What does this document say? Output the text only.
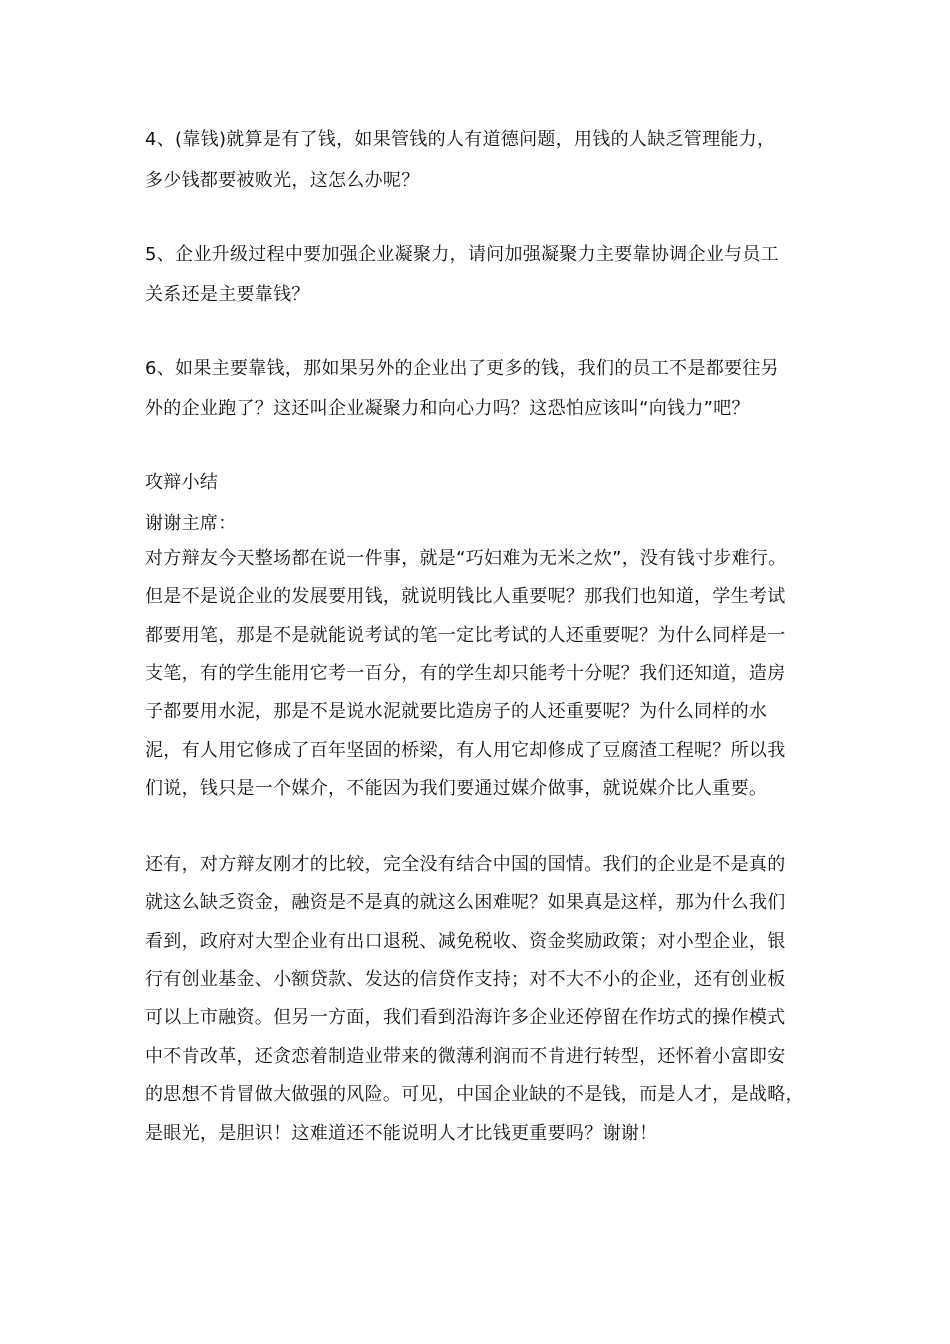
4、(靠钱)就算是有了钱，如果管钱的人有道德问题，用钱的人缺乏管理能力，
多少钱都要被败光，这怎么办呢？
5、企业升级过程中要加强企业凝聚力，请问加强凝聚力主要靠协调企业与员工
关系还是主要靠钱？
6、如果主要靠钱，那如果另外的企业出了更多的钱，我们的员工不是都要往另
外的企业跑了？这还叫企业凝聚力和向心力吗？这恐怕应该叫“向钱力”吧？
攻辩小结
谢谢主席：
对方辩友今天整场都在说一件事，就是“巧妇难为无米之炊”，没有钱寸步难行。
但是不是说企业的发展要用钱，就说明钱比人重要呢？那我们也知道，学生考试
都要用笔，那是不是就能说考试的笔一定比考试的人还重要呢？为什么同样是一
支笔，有的学生能用它考一百分，有的学生却只能考十分呢？我们还知道，造房
子都要用水泥，那是不是说水泥就要比造房子的人还重要呢？为什么同样的水
泥，有人用它修成了百年坚固的桥梁，有人用它却修成了豆腐渣工程呢？所以我
们说，钱只是一个媒介，不能因为我们要通过媒介做事，就说媒介比人重要。
还有，对方辩友刚才的比较，完全没有结合中国的国情。我们的企业是不是真的
就这么缺乏资金，融资是不是真的就这么困难呢？如果真是这样，那为什么我们
看到，政府对大型企业有出口退税、减免税收、资金奖励政策；对小型企业，银
行有创业基金、小额贷款、发达的信贷作支持；对不大不小的企业，还有创业板
可以上市融资。但另一方面，我们看到沿海许多企业还停留在作坊式的操作模式
中不肯改革，还贪恋着制造业带来的微薄利润而不肯进行转型，还怀着小富即安
的思想不肯冒做大做强的风险。可见，中国企业缺的不是钱，而是人才，是战略，
是眼光，是胆识！这难道还不能说明人才比钱更重要吗？谢谢！
